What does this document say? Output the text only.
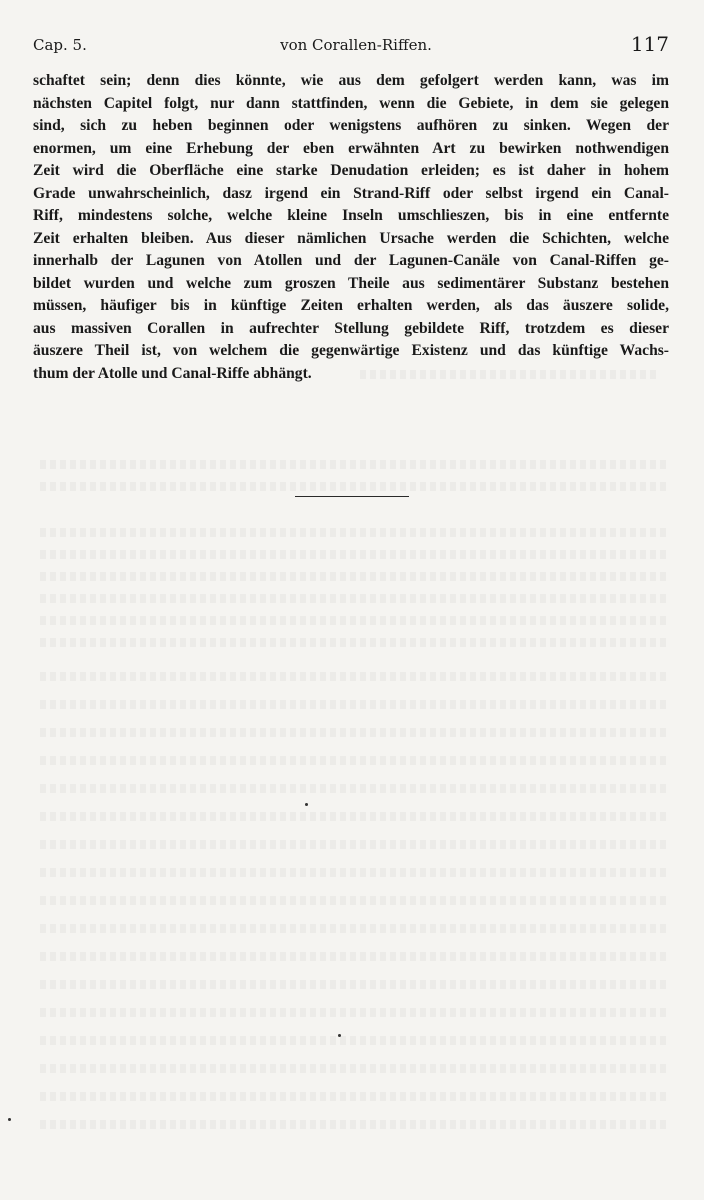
Cap. 5.	von Corallen-Riffen.	117
schaftet sein; denn dies könnte, wie aus dem gefolgert werden kann, was im
nächsten Capitel folgt, nur dann stattfinden, wenn die Gebiete, in dem sie gelegen
sind, sich zu heben beginnen oder wenigstens aufhören zu sinken. Wegen der
enormen, um eine Erhebung der eben erwähnten Art zu bewirken nothwendigen
Zeit wird die Oberfläche eine starke Denudation erleiden; es ist daher in hohem
Grade unwahrscheinlich, dasz irgend ein Strand-Riff oder selbst irgend ein Canal-
Riff, mindestens solche, welche kleine Inseln umschlieszen, bis in eine entfernte
Zeit erhalten bleiben. Aus dieser nämlichen Ursache werden die Schichten, welche
innerhalb der Lagunen von Atollen und der Lagunen-Canäle von Canal-Riffen ge-
bildet wurden und welche zum groszen Theile aus sedimentärer Substanz bestehen
müssen, häufiger bis in künftige Zeiten erhalten werden, als das äuszere solide,
aus massiven Corallen in aufrechter Stellung gebildete Riff, trotzdem es dieser
äuszere Theil ist, von welchem die gegenwärtige Existenz und das künftige Wachs-
thum der Atolle und Canal-Riffe abhängt.
